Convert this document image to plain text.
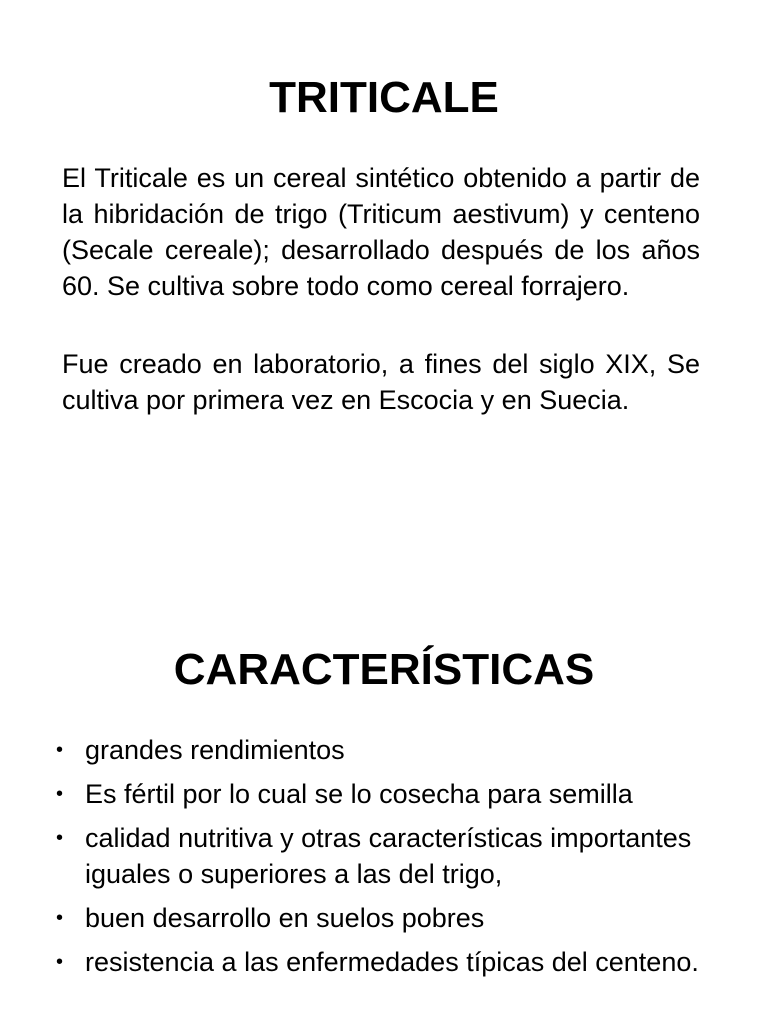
TRITICALE

El Triticale es un cereal sintético obtenido a partir de la hibridación de trigo (Triticum aestivum) y centeno (Secale cereale); desarrollado después de los años 60. Se cultiva sobre todo como cereal forrajero.

Fue creado en laboratorio, a fines del siglo XIX, Se cultiva por primera vez en Escocia y en Suecia.

CARACTERÍSTICAS
• grandes rendimientos
• Es fértil por lo cual se lo cosecha para semilla
• calidad nutritiva y otras características importantes iguales o superiores a las del trigo,
• buen desarrollo en suelos pobres
• resistencia a las enfermedades típicas del centeno.
